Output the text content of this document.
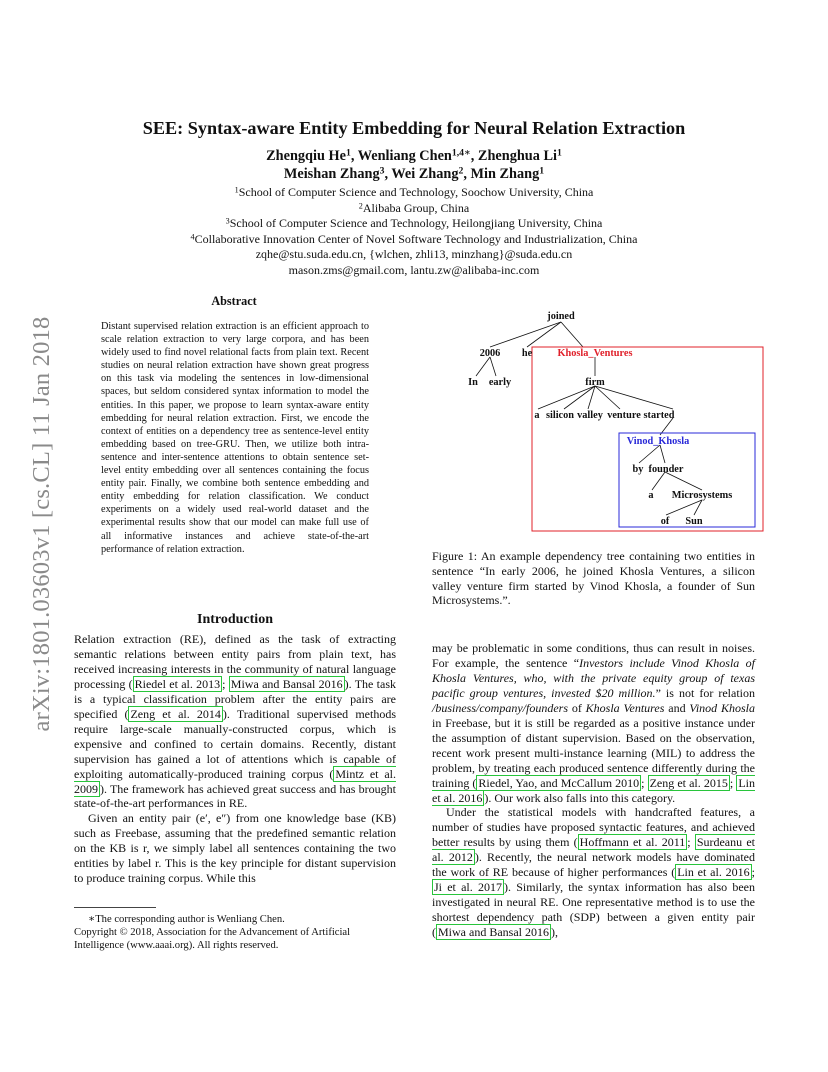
arXiv:1801.03603v1 [cs.CL] 11 Jan 2018
SEE: Syntax-aware Entity Embedding for Neural Relation Extraction
Zhengqiu He$^1$, Wenliang Chen$^{1,4∗}$, Zhenghua Li$^1$
Meishan Zhang$^3$, Wei Zhang$^2$, Min Zhang$^1$
$^1$School of Computer Science and Technology, Soochow University, China
$^2$Alibaba Group, China
$^3$School of Computer Science and Technology, Heilongjiang University, China
$^4$Collaborative Innovation Center of Novel Software Technology and Industrialization, China
zqhe@stu.suda.edu.cn, {wlchen, zhli13, minzhang}@suda.edu.cn
mason.zms@gmail.com, lantu.zw@alibaba-inc.com
Abstract
Distant supervised relation extraction is an efficient approach to scale relation extraction to very large corpora, and has been widely used to find novel relational facts from plain text. Recent studies on neural relation extraction have shown great progress on this task via modeling the sentences in low-dimensional spaces, but seldom considered syntax information to model the entities. In this paper, we propose to learn syntax-aware entity embedding for neural relation extraction. First, we encode the context of entities on a dependency tree as sentence-level entity embedding based on tree-GRU. Then, we utilize both intra-sentence and inter-sentence attentions to obtain sentence set-level entity embedding over all sentences containing the focus entity pair. Finally, we combine both sentence embedding and entity embedding for relation classification. We conduct experiments on a widely used real-world dataset and the experimental results show that our model can make full use of all informative instances and achieve state-of-the-art performance of relation extraction.
Introduction

Relation extraction (RE), defined as the task of extracting semantic relations between entity pairs from plain text, has received increasing interests in the community of natural language processing ( Riedel et al. 2013 ; Miwa and Bansal 2016 ). The task is a typical classification problem after the entity pairs are specified ( Zeng et al. 2014 ). Traditional supervised methods require large-scale manually-constructed corpus, which is expensive and confined to certain domains. Recently, distant supervision has gained a lot of attentions which is capable of exploiting automatically-produced training corpus ( Mintz et al. 2009 ). The framework has achieved great success and has brought state-of-the-art performances in RE.

Given an entity pair (e′, e″) from one knowledge base (KB) such as Freebase, assuming that the predefined semantic relation on the KB is r, we simply label all sentences containing the two entities by label r. This is the key principle for distant supervision to produce training corpus. While this

∗The corresponding author is Wenliang Chen.
Copyright © 2018, Association for the Advancement of Artificial Intelligence (www.aaai.org). All rights reserved.
joined
2006 he Khosla_Ventures
In early	firm
a silicon valley venture started
Vinod_Khosla
by founder
a Microsystems
of Sun
Figure 1: An example dependency tree containing two entities in sentence “In early 2006, he joined Khosla Ventures, a silicon valley venture firm started by Vinod Khosla, a founder of Sun Microsystems.”.

may be problematic in some conditions, thus can result in noises. For example, the sentence “Investors include Vinod Khosla of Khosla Ventures, who, with the private equity group of texas pacific group ventures, invested $20 million.” is not for relation /business/company/founders of Khosla Ventures and Vinod Khosla in Freebase, but it is still be regarded as a positive instance under the assumption of distant supervision. Based on the observation, recent work present multi-instance learning (MIL) to address the problem, by treating each produced sentence differently during the training ( Riedel, Yao, and McCallum 2010 ; Zeng et al. 2015 ; Lin et al. 2016 ). Our work also falls into this category.

Under the statistical models with handcrafted features, a number of studies have proposed syntactic features, and achieved better results by using them ( Hoffmann et al. 2011 ; Surdeanu et al. 2012 ). Recently, the neural network models have dominated the work of RE because of higher performances ( Lin et al. 2016 ; Ji et al. 2017 ). Similarly, the syntax information has also been investigated in neural RE. One representative method is to use the shortest dependency path (SDP) between a given entity pair ( Miwa and Bansal 2016 ),
